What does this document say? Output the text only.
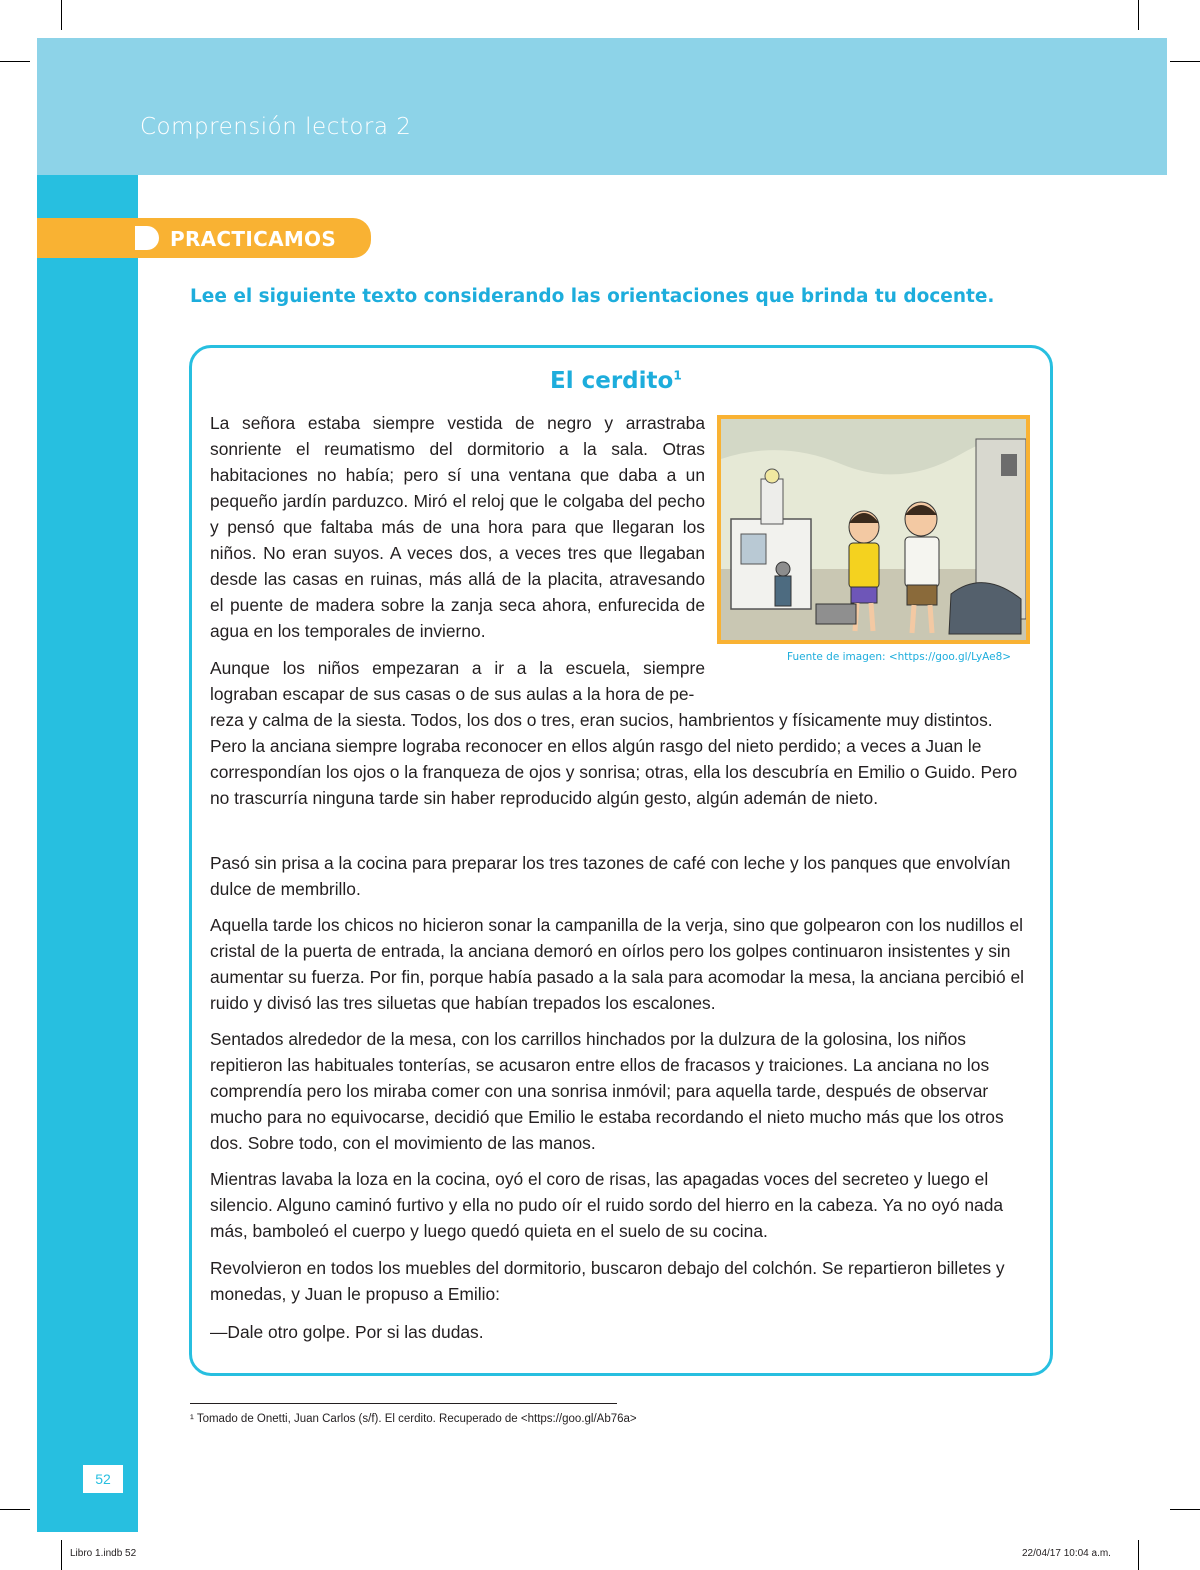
Comprensión lectora 2
PRACTICAMOS
Lee el siguiente texto considerando las orientaciones que brinda tu docente.
El cerdito$^1$
Fuente de imagen: <https://goo.gl/LyAe8>

La señora estaba siempre vestida de negro y arrastraba sonriente el reumatismo del dormitorio a la sala. Otras habitaciones no había; pero sí una ventana que daba a un pequeño jardín parduzco. Miró el reloj que le colgaba del pecho y pensó que faltaba más de una hora para que llegaran los niños. No eran suyos. A veces dos, a veces tres que llegaban desde las casas en ruinas, más allá de la placita, atravesando el puente de madera sobre la zanja seca ahora, enfurecida de agua en los temporales de invierno.

Aunque los niños empezaran a ir a la escuela, siempre lograban escapar de sus casas o de sus aulas a la hora de pe-

reza y calma de la siesta. Todos, los dos o tres, eran sucios, hambrientos y físicamente muy distintos. Pero la anciana siempre lograba reconocer en ellos algún rasgo del nieto perdido; a veces a Juan le correspondían los ojos o la franqueza de ojos y sonrisa; otras, ella los descubría en Emilio o Guido. Pero no trascurría ninguna tarde sin haber reproducido algún gesto, algún ademán de nieto.

Pasó sin prisa a la cocina para preparar los tres tazones de café con leche y los panques que envolvían dulce de membrillo.

Aquella tarde los chicos no hicieron sonar la campanilla de la verja, sino que golpearon con los nudillos el cristal de la puerta de entrada, la anciana demoró en oírlos pero los golpes continuaron insistentes y sin aumentar su fuerza. Por fin, porque había pasado a la sala para acomodar la mesa, la anciana percibió el ruido y divisó las tres siluetas que habían trepados los escalones.

Sentados alrededor de la mesa, con los carrillos hinchados por la dulzura de la golosina, los niños repitieron las habituales tonterías, se acusaron entre ellos de fracasos y traiciones. La anciana no los comprendía pero los miraba comer con una sonrisa inmóvil; para aquella tarde, después de observar mucho para no equivocarse, decidió que Emilio le estaba recordando el nieto mucho más que los otros dos. Sobre todo, con el movimiento de las manos.

Mientras lavaba la loza en la cocina, oyó el coro de risas, las apagadas voces del secreteo y luego el silencio. Alguno caminó furtivo y ella no pudo oír el ruido sordo del hierro en la cabeza. Ya no oyó nada más, bamboleó el cuerpo y luego quedó quieta en el suelo de su cocina.

Revolvieron en todos los muebles del dormitorio, buscaron debajo del colchón. Se repartieron billetes y monedas, y Juan le propuso a Emilio:

—Dale otro golpe. Por si las dudas.

¹ Tomado de Onetti, Juan Carlos (s/f). El cerdito. Recuperado de <https://goo.gl/Ab76a>
52
Libro 1.indb 52	22/04/17 10:04 a.m.
